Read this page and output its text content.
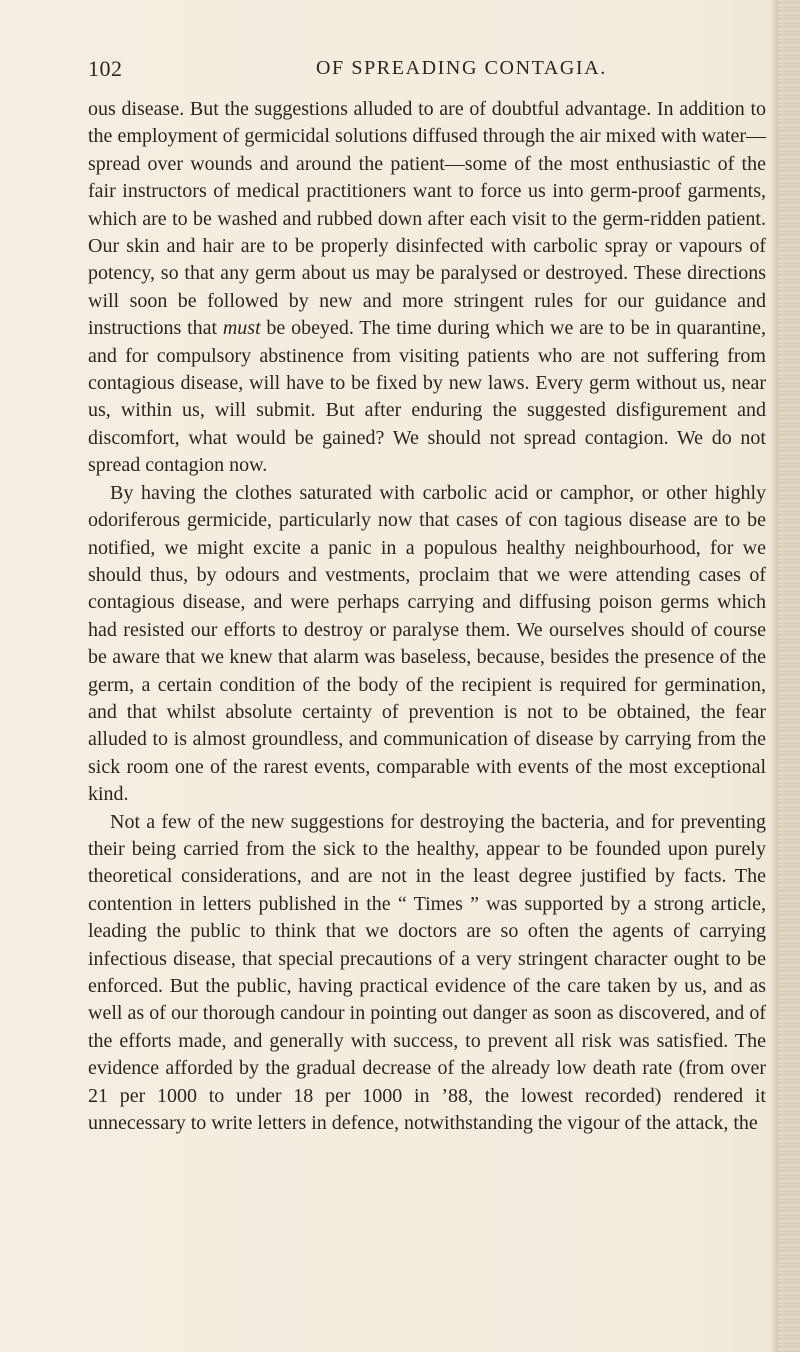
102	OF SPREADING CONTAGIA.

ous disease. But the suggestions alluded to are of doubtful advantage. In addition to the employment of germicidal solutions diffused through the air mixed with water—spread over wounds and around the patient—some of the most enthusiastic of the fair instructors of medical practitioners want to force us into germ-proof garments, which are to be washed and rubbed down after each visit to the germ-ridden patient. Our skin and hair are to be properly disinfected with carbolic spray or vapours of potency, so that any germ about us may be paralysed or destroyed. These directions will soon be followed by new and more stringent rules for our guidance and instructions that must be obeyed. The time during which we are to be in quarantine, and for compulsory abstinence from visiting patients who are not suffering from contagious disease, will have to be fixed by new laws. Every germ without us, near us, within us, will submit. But after enduring the suggested disfigurement and discomfort, what would be gained? We should not spread contagion. We do not spread contagion now.

By having the clothes saturated with carbolic acid or camphor, or other highly odoriferous germicide, particularly now that cases of con tagious disease are to be notified, we might excite a panic in a populous healthy neighbourhood, for we should thus, by odours and vestments, proclaim that we were attending cases of contagious disease, and were perhaps carrying and diffusing poison germs which had resisted our efforts to destroy or paralyse them. We ourselves should of course be aware that we knew that alarm was baseless, because, besides the presence of the germ, a certain condition of the body of the recipient is required for germination, and that whilst absolute certainty of prevention is not to be obtained, the fear alluded to is almost groundless, and communication of disease by carrying from the sick room one of the rarest events, comparable with events of the most exceptional kind.

Not a few of the new suggestions for destroying the bacteria, and for preventing their being carried from the sick to the healthy, appear to be founded upon purely theoretical considerations, and are not in the least degree justified by facts. The contention in letters published in the “ Times ” was supported by a strong article, leading the public to think that we doctors are so often the agents of carrying infectious disease, that special precautions of a very stringent character ought to be enforced. But the public, having practical evidence of the care taken by us, and as well as of our thorough candour in pointing out danger as soon as discovered, and of the efforts made, and generally with success, to prevent all risk was satisfied. The evidence afforded by the gradual decrease of the already low death rate (from over 21 per 1000 to under 18 per 1000 in ’88, the lowest recorded) rendered it unnecessary to write letters in defence, notwithstanding the vigour of the attack, the
